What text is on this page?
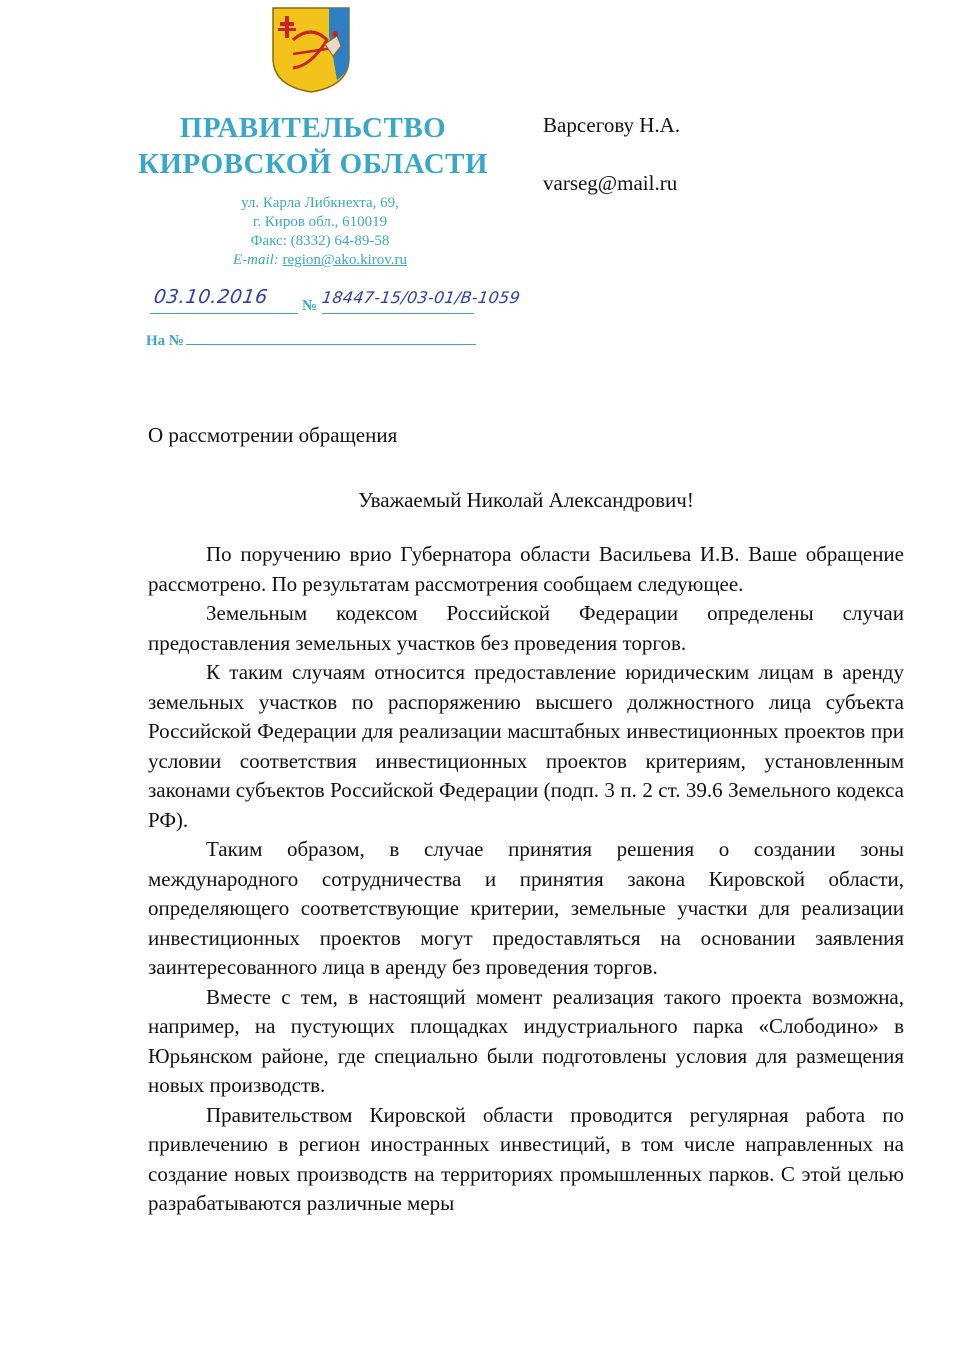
ПРАВИТЕЛЬСТВО
КИРОВСКОЙ ОБЛАСТИ
ул. Карла Либкнехта, 69,
г. Киров обл., 610019
Факс: (8332) 64-89-58
E-mail: region@ako.kirov.ru
Варсегову Н.А.
varseg@mail.ru
03.10.2016 № 18447-15/03-01/В-1059
На №
О рассмотрении обращения
Уважаемый Николай Александрович!

По поручению врио Губернатора области Васильева И.В. Ваше обращение рассмотрено. По результатам рассмотрения сообщаем следующее.

Земельным кодексом Российской Федерации определены случаи предоставления земельных участков без проведения торгов.

К таким случаям относится предоставление юридическим лицам в аренду земельных участков по распоряжению высшего должностного лица субъекта Российской Федерации для реализации масштабных инвестиционных проектов при условии соответствия инвестиционных проектов критериям, установленным законами субъектов Российской Федерации (подп. 3 п. 2 ст. 39.6 Земельного кодекса РФ).

Таким образом, в случае принятия решения о создании зоны международного сотрудничества и принятия закона Кировской области, определяющего соответствующие критерии, земельные участки для реализации инвестиционных проектов могут предоставляться на основании заявления заинтересованного лица в аренду без проведения торгов.

Вместе с тем, в настоящий момент реализация такого проекта возможна, например, на пустующих площадках индустриального парка «Слободино» в Юрьянском районе, где специально были подготовлены условия для размещения новых производств.

Правительством Кировской области проводится регулярная работа по привлечению в регион иностранных инвестиций, в том числе направленных на создание новых производств на территориях промышленных парков. С этой целью разрабатываются различные меры
